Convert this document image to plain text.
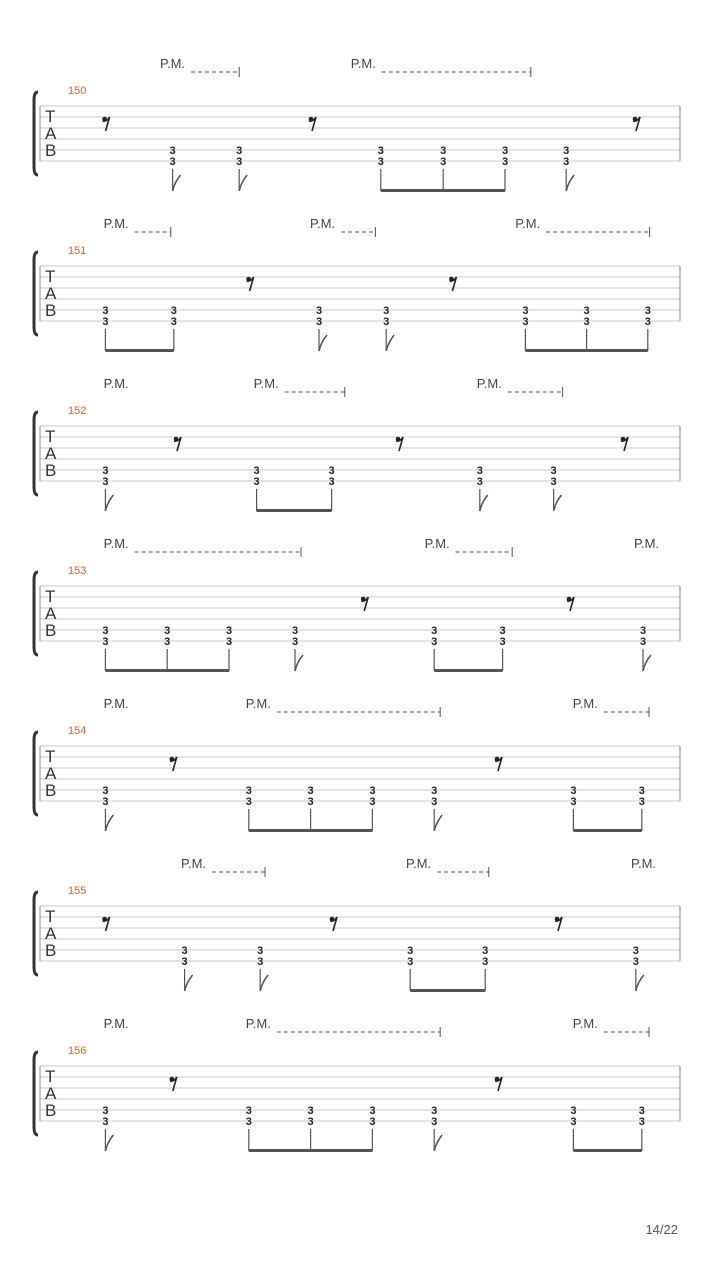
P.M.	P.M.
150
T
A
B	3
3
3
3
3
3
3
3
3
3
3
3
P.M.	P.M.	P.M.
151
T
A
B	3
3
3
3
3
3
3
3
3
3
3
3
3
3
P.M.	P.M.	P.M.
152
T
A
B	3
3
3
3
3
3
3
3
3
3
P.M.	P.M.	P.M.
153
T
A
B	3
3
3
3
3
3
3
3
3
3
3
3
3
3
P.M.	P.M.	P.M.
154
T
A
B	3
3
3
3
3
3
3
3
3
3
3
3
3
3
P.M.	P.M.	P.M.
155
T
A
B	3
3
3
3
3
3
3
3
3
3
P.M.	P.M.	P.M.
156
T
A
B	3
3
3
3
3
3
3
3
3
3
3
3
3
3
14/22
